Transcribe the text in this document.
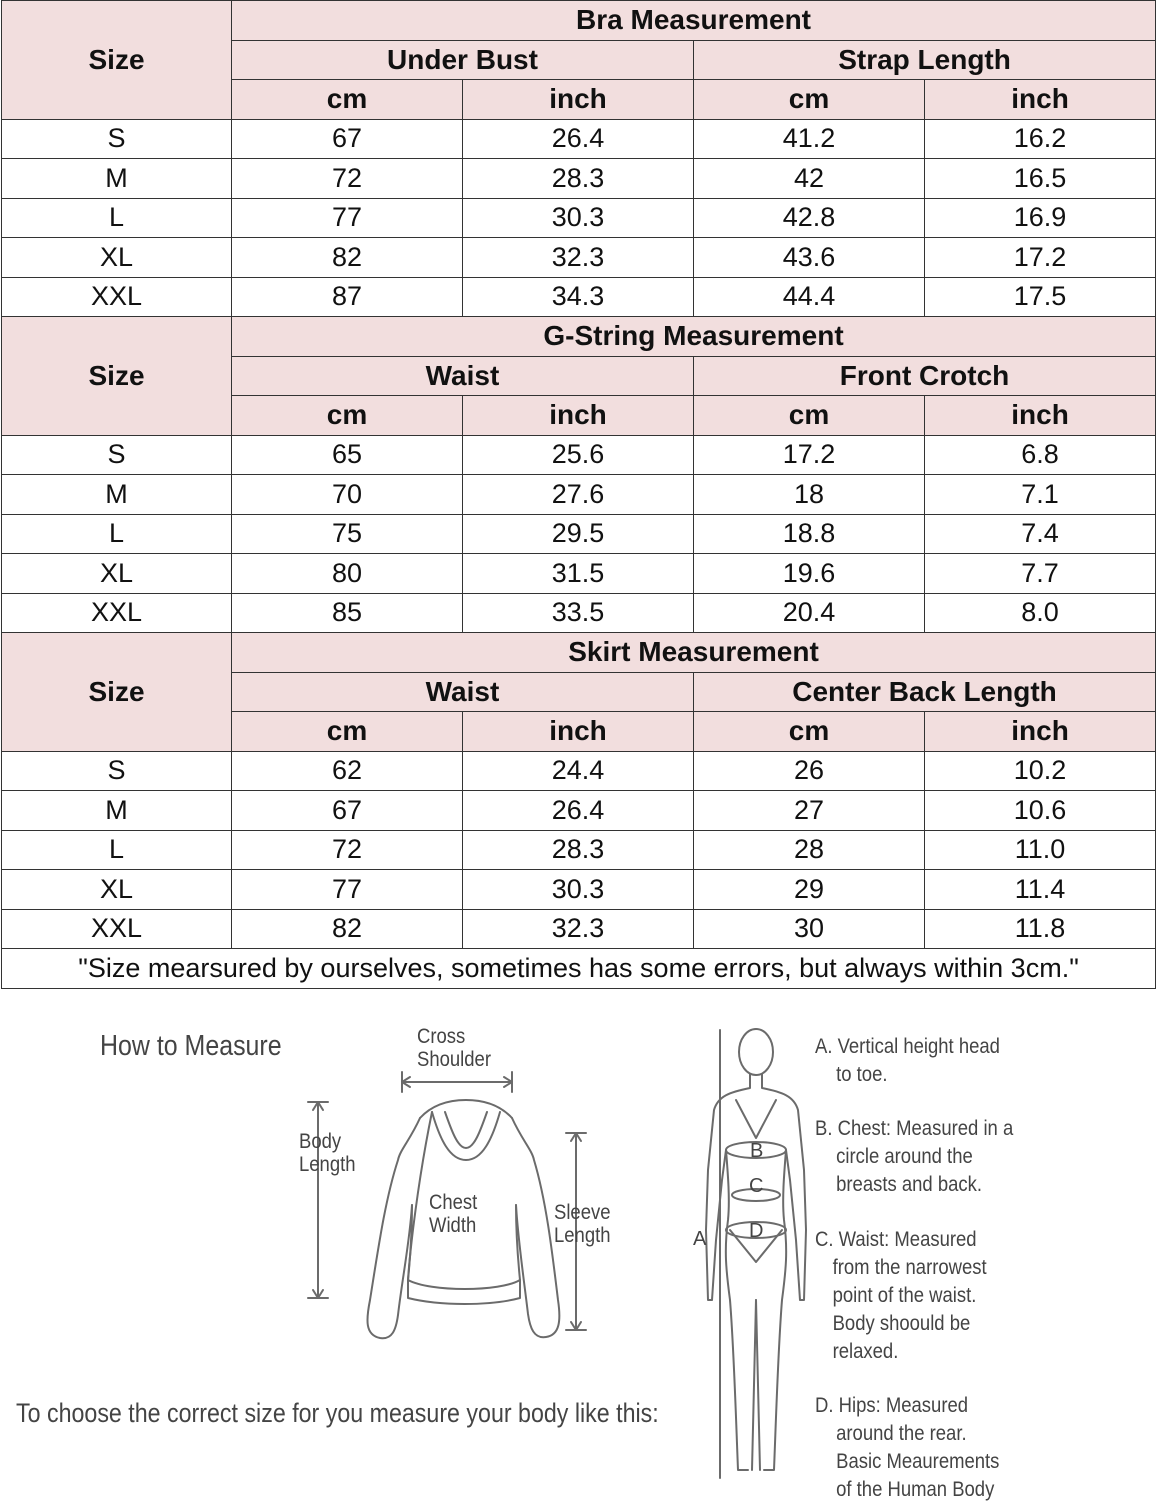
Size	Bra Measurement			
	Under Bust		Strap Length	
	cm	inch	cm	inch
S	67	26.4	41.2	16.2
M	72	28.3	42	16.5
L	77	30.3	42.8	16.9
XL	82	32.3	43.6	17.2
XXL	87	34.3	44.4	17.5
Size	G-String Measurement			
	Waist		Front Crotch	
	cm	inch	cm	inch
S	65	25.6	17.2	6.8
M	70	27.6	18	7.1
L	75	29.5	18.8	7.4
XL	80	31.5	19.6	7.7
XXL	85	33.5	20.4	8.0
Size	Skirt Measurement			
	Waist		Center Back Length	
	cm	inch	cm	inch
S	62	24.4	26	10.2
M	67	26.4	27	10.6
L	72	28.3	28	11.0
XL	77	30.3	29	11.4
XXL	82	32.3	30	11.8
"Size mearsured by ourselves, sometimes has some errors, but always within 3cm."				
How to Measure	Cross
Shoulder
Body
Length
Chest
Width
Sleeve
Length	A
B
C
D
A. Vertical height head
to toe.
B. Chest: Measured in a
circle around the
breasts and back.
C. Waist: Measured
from the narrowest
point of the waist.
Body shoould be
relaxed.
D. Hips: Measured
around the rear.
Basic Meaurements
of the Human Body
To choose the correct size for you measure your body like this:
